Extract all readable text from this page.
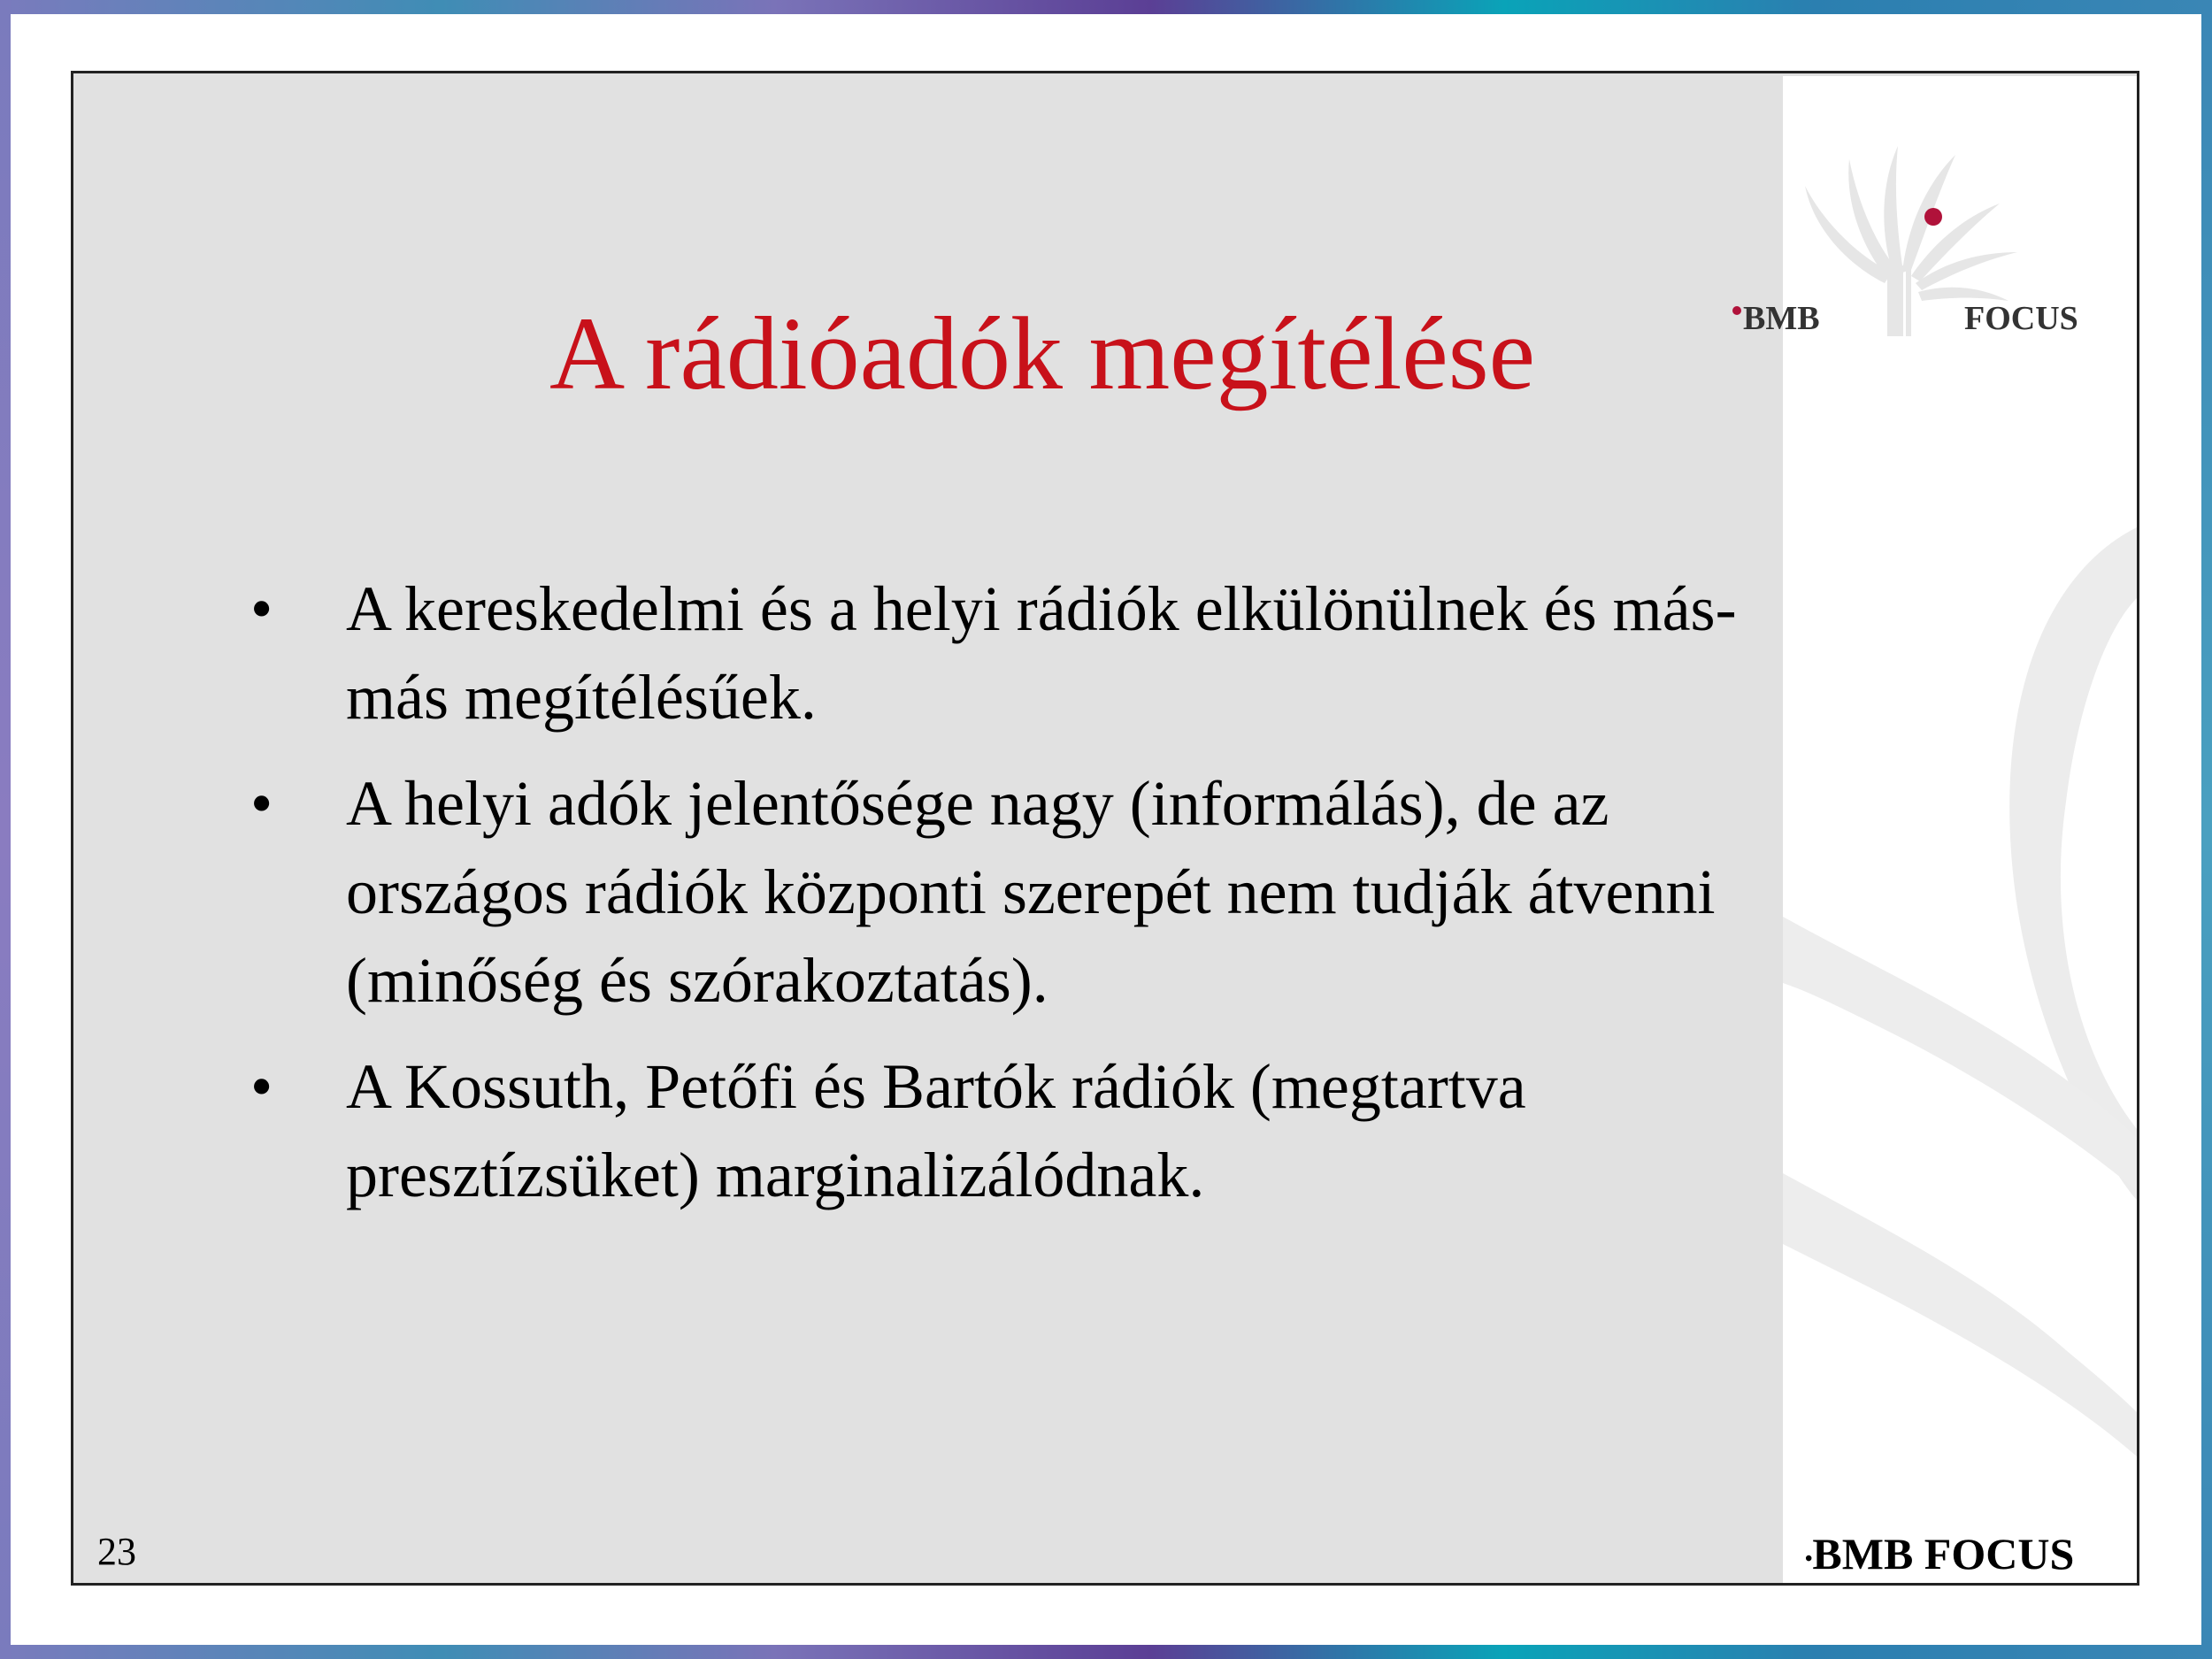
A rádióadók megítélése
•	A kereskedelmi és a helyi rádiók elkülönülnek és más-más megítélésűek.
•	A helyi adók jelentősége nagy (informálás), de az országos rádiók központi szerepét nem tudják átvenni (minőség és szórakoztatás).
•	A Kossuth, Petőfi és Bartók rádiók (megtartva presztízsüket) marginalizálódnak.
BMB	FOCUS
23	•BMB FOCUS
